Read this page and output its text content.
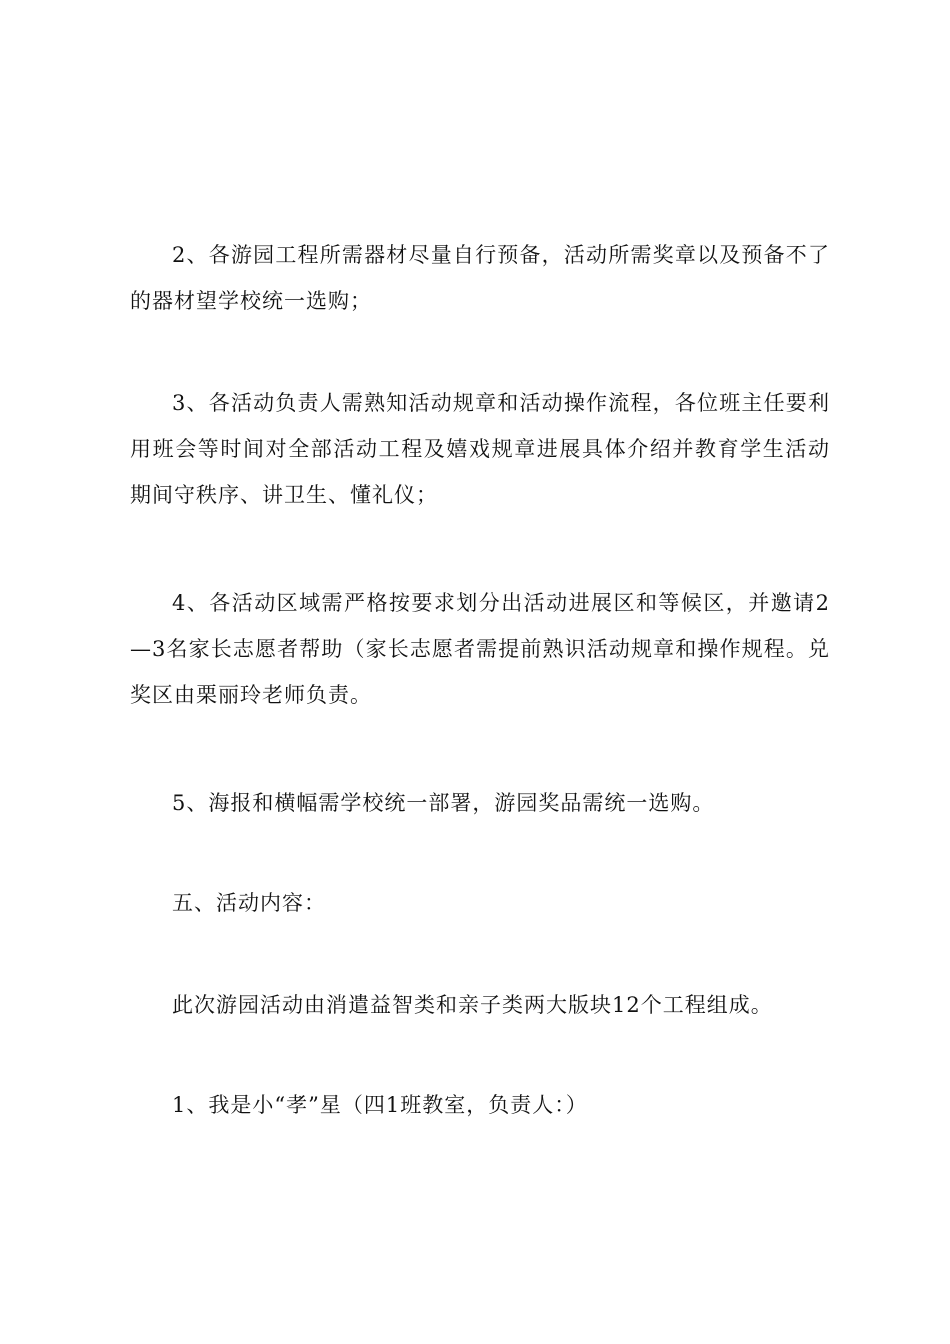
2、各游园工程所需器材尽量自行预备，活动所需奖章以及预备不了的器材望学校统一选购；

3、各活动负责人需熟知活动规章和活动操作流程，各位班主任要利用班会等时间对全部活动工程及嬉戏规章进展具体介绍并教育学生活动期间守秩序、讲卫生、懂礼仪；

4、各活动区域需严格按要求划分出活动进展区和等候区，并邀请2—3名家长志愿者帮助（家长志愿者需提前熟识活动规章和操作规程。兑奖区由栗丽玲老师负责。

5、海报和横幅需学校统一部署，游园奖品需统一选购。

五、活动内容：

此次游园活动由消遣益智类和亲子类两大版块12个工程组成。

1、我是小“孝”星（四1班教室，负责人：）
